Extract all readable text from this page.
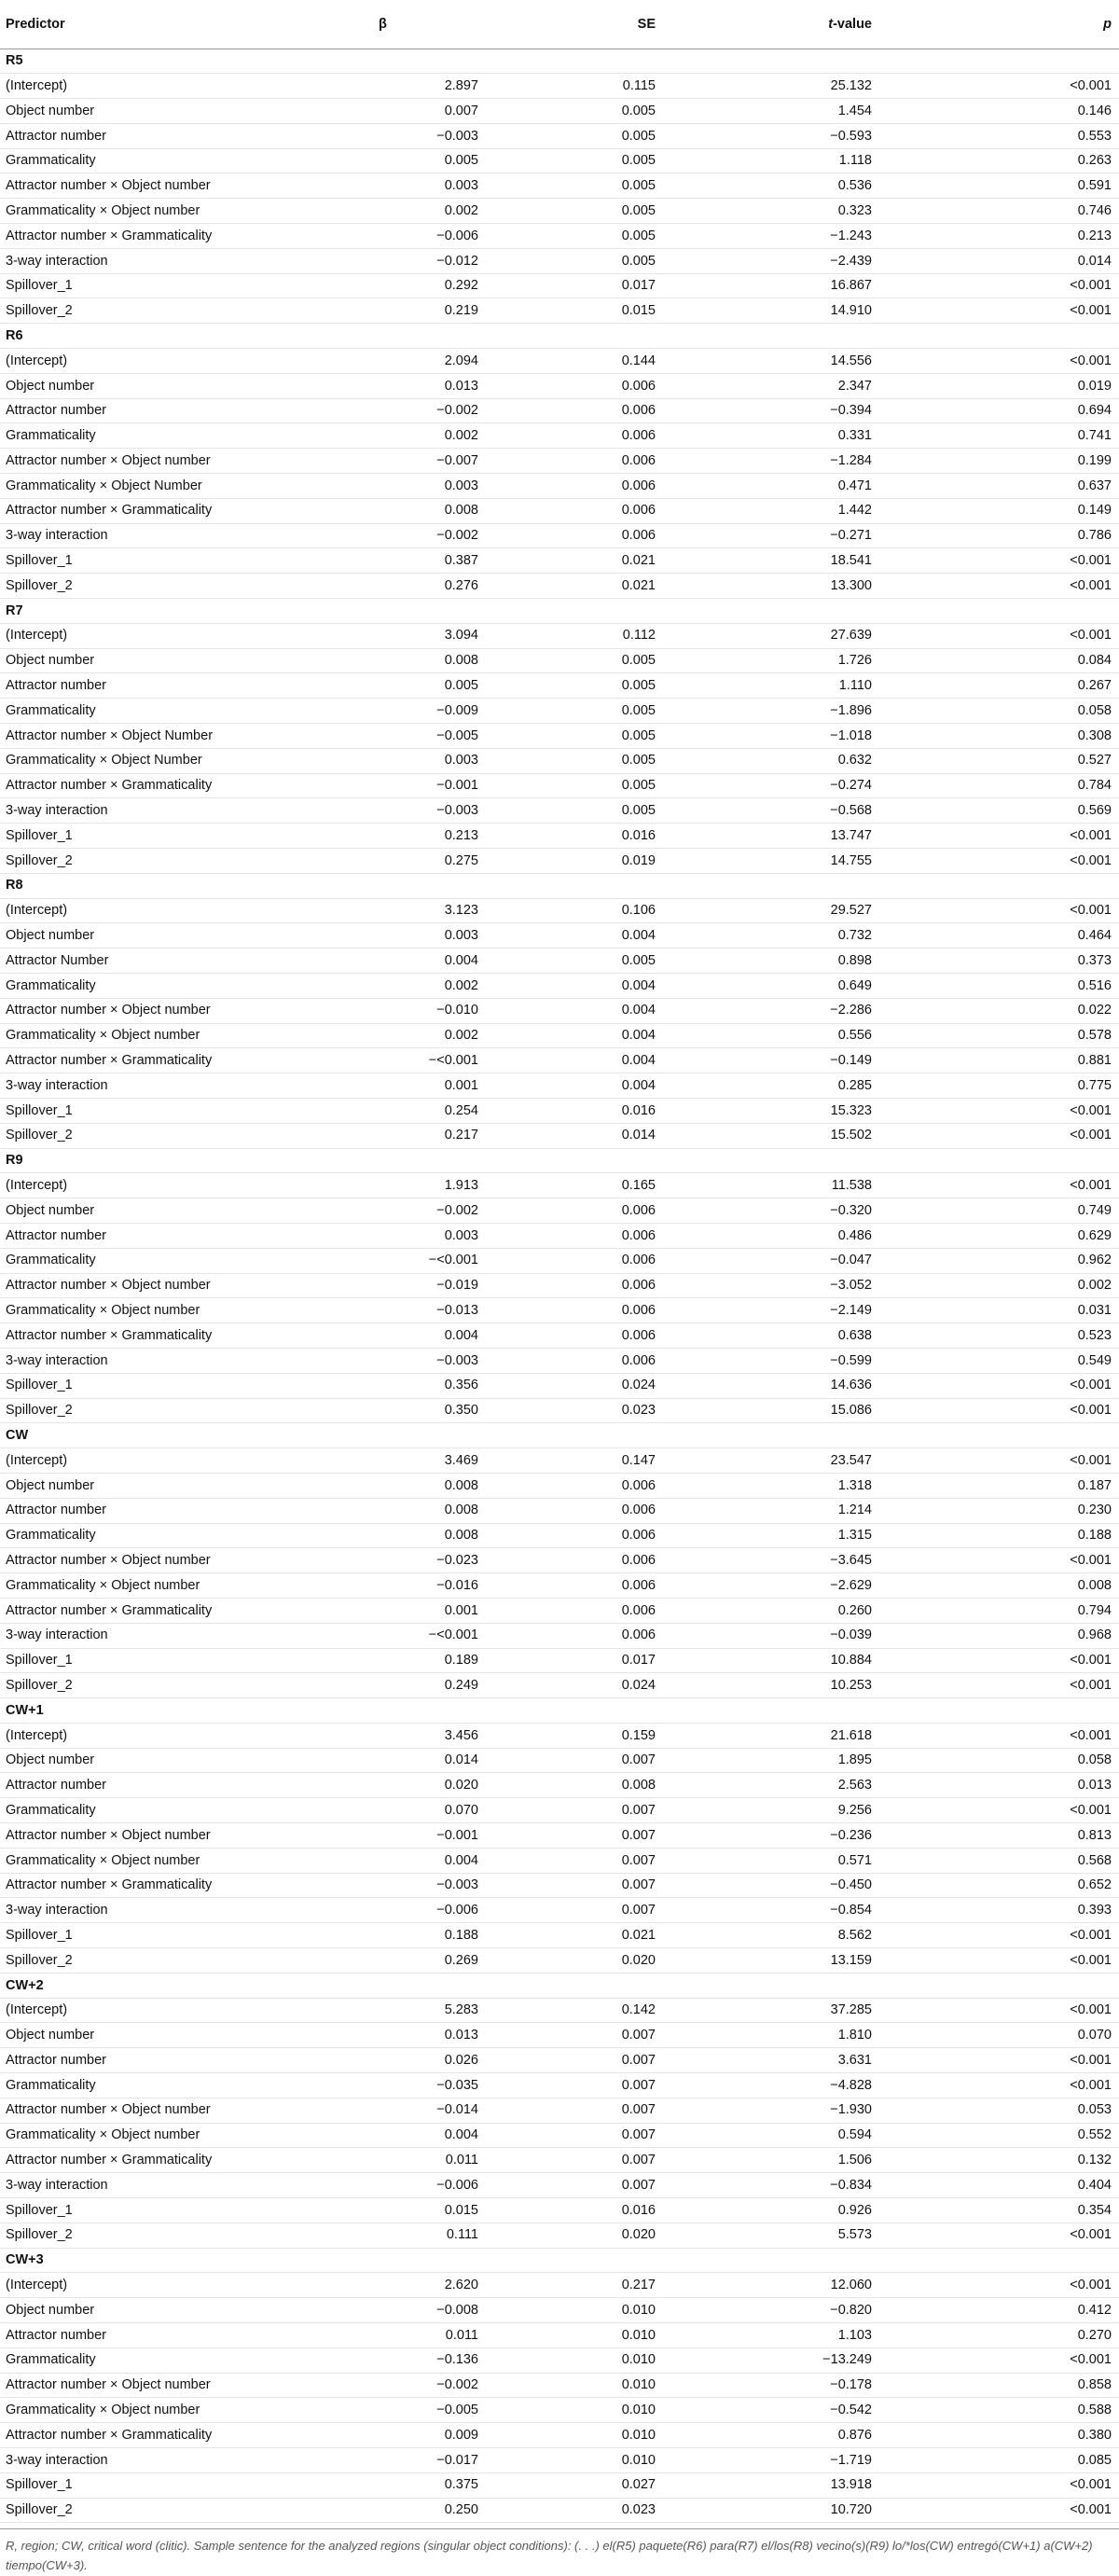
Predictor	β	SE	t-value	p
R5				
(Intercept)	2.897	0.115	25.132	<0.001
Object number	0.007	0.005	1.454	0.146
Attractor number	−0.003	0.005	−0.593	0.553
Grammaticality	0.005	0.005	1.118	0.263
Attractor number × Object number	0.003	0.005	0.536	0.591
Grammaticality × Object number	0.002	0.005	0.323	0.746
Attractor number × Grammaticality	−0.006	0.005	−1.243	0.213
3-way interaction	−0.012	0.005	−2.439	0.014
Spillover_1	0.292	0.017	16.867	<0.001
Spillover_2	0.219	0.015	14.910	<0.001
R6				
(Intercept)	2.094	0.144	14.556	<0.001
Object number	0.013	0.006	2.347	0.019
Attractor number	−0.002	0.006	−0.394	0.694
Grammaticality	0.002	0.006	0.331	0.741
Attractor number × Object number	−0.007	0.006	−1.284	0.199
Grammaticality × Object Number	0.003	0.006	0.471	0.637
Attractor number × Grammaticality	0.008	0.006	1.442	0.149
3-way interaction	−0.002	0.006	−0.271	0.786
Spillover_1	0.387	0.021	18.541	<0.001
Spillover_2	0.276	0.021	13.300	<0.001
R7				
(Intercept)	3.094	0.112	27.639	<0.001
Object number	0.008	0.005	1.726	0.084
Attractor number	0.005	0.005	1.110	0.267
Grammaticality	−0.009	0.005	−1.896	0.058
Attractor number × Object Number	−0.005	0.005	−1.018	0.308
Grammaticality × Object Number	0.003	0.005	0.632	0.527
Attractor number × Grammaticality	−0.001	0.005	−0.274	0.784
3-way interaction	−0.003	0.005	−0.568	0.569
Spillover_1	0.213	0.016	13.747	<0.001
Spillover_2	0.275	0.019	14.755	<0.001
R8				
(Intercept)	3.123	0.106	29.527	<0.001
Object number	0.003	0.004	0.732	0.464
Attractor Number	0.004	0.005	0.898	0.373
Grammaticality	0.002	0.004	0.649	0.516
Attractor number × Object number	−0.010	0.004	−2.286	0.022
Grammaticality × Object number	0.002	0.004	0.556	0.578
Attractor number × Grammaticality	−<0.001	0.004	−0.149	0.881
3-way interaction	0.001	0.004	0.285	0.775
Spillover_1	0.254	0.016	15.323	<0.001
Spillover_2	0.217	0.014	15.502	<0.001
R9				
(Intercept)	1.913	0.165	11.538	<0.001
Object number	−0.002	0.006	−0.320	0.749
Attractor number	0.003	0.006	0.486	0.629
Grammaticality	−<0.001	0.006	−0.047	0.962
Attractor number × Object number	−0.019	0.006	−3.052	0.002
Grammaticality × Object number	−0.013	0.006	−2.149	0.031
Attractor number × Grammaticality	0.004	0.006	0.638	0.523
3-way interaction	−0.003	0.006	−0.599	0.549
Spillover_1	0.356	0.024	14.636	<0.001
Spillover_2	0.350	0.023	15.086	<0.001
CW				
(Intercept)	3.469	0.147	23.547	<0.001
Object number	0.008	0.006	1.318	0.187
Attractor number	0.008	0.006	1.214	0.230
Grammaticality	0.008	0.006	1.315	0.188
Attractor number × Object number	−0.023	0.006	−3.645	<0.001
Grammaticality × Object number	−0.016	0.006	−2.629	0.008
Attractor number × Grammaticality	0.001	0.006	0.260	0.794
3-way interaction	−<0.001	0.006	−0.039	0.968
Spillover_1	0.189	0.017	10.884	<0.001
Spillover_2	0.249	0.024	10.253	<0.001
CW+1				
(Intercept)	3.456	0.159	21.618	<0.001
Object number	0.014	0.007	1.895	0.058
Attractor number	0.020	0.008	2.563	0.013
Grammaticality	0.070	0.007	9.256	<0.001
Attractor number × Object number	−0.001	0.007	−0.236	0.813
Grammaticality × Object number	0.004	0.007	0.571	0.568
Attractor number × Grammaticality	−0.003	0.007	−0.450	0.652
3-way interaction	−0.006	0.007	−0.854	0.393
Spillover_1	0.188	0.021	8.562	<0.001
Spillover_2	0.269	0.020	13.159	<0.001
CW+2				
(Intercept)	5.283	0.142	37.285	<0.001
Object number	0.013	0.007	1.810	0.070
Attractor number	0.026	0.007	3.631	<0.001
Grammaticality	−0.035	0.007	−4.828	<0.001
Attractor number × Object number	−0.014	0.007	−1.930	0.053
Grammaticality × Object number	0.004	0.007	0.594	0.552
Attractor number × Grammaticality	0.011	0.007	1.506	0.132
3-way interaction	−0.006	0.007	−0.834	0.404
Spillover_1	0.015	0.016	0.926	0.354
Spillover_2	0.111	0.020	5.573	<0.001
CW+3				
(Intercept)	2.620	0.217	12.060	<0.001
Object number	−0.008	0.010	−0.820	0.412
Attractor number	0.011	0.010	1.103	0.270
Grammaticality	−0.136	0.010	−13.249	<0.001
Attractor number × Object number	−0.002	0.010	−0.178	0.858
Grammaticality × Object number	−0.005	0.010	−0.542	0.588
Attractor number × Grammaticality	0.009	0.010	0.876	0.380
3-way interaction	−0.017	0.010	−1.719	0.085
Spillover_1	0.375	0.027	13.918	<0.001
Spillover_2	0.250	0.023	10.720	<0.001
R, region; CW, critical word (clitic). Sample sentence for the analyzed regions (singular object conditions): (. . .) el(R5) paquete(R6) para(R7) el/los(R8) vecino(s)(R9) lo/*los(CW) entregó(CW+1) a(CW+2) tiempo(CW+3).
